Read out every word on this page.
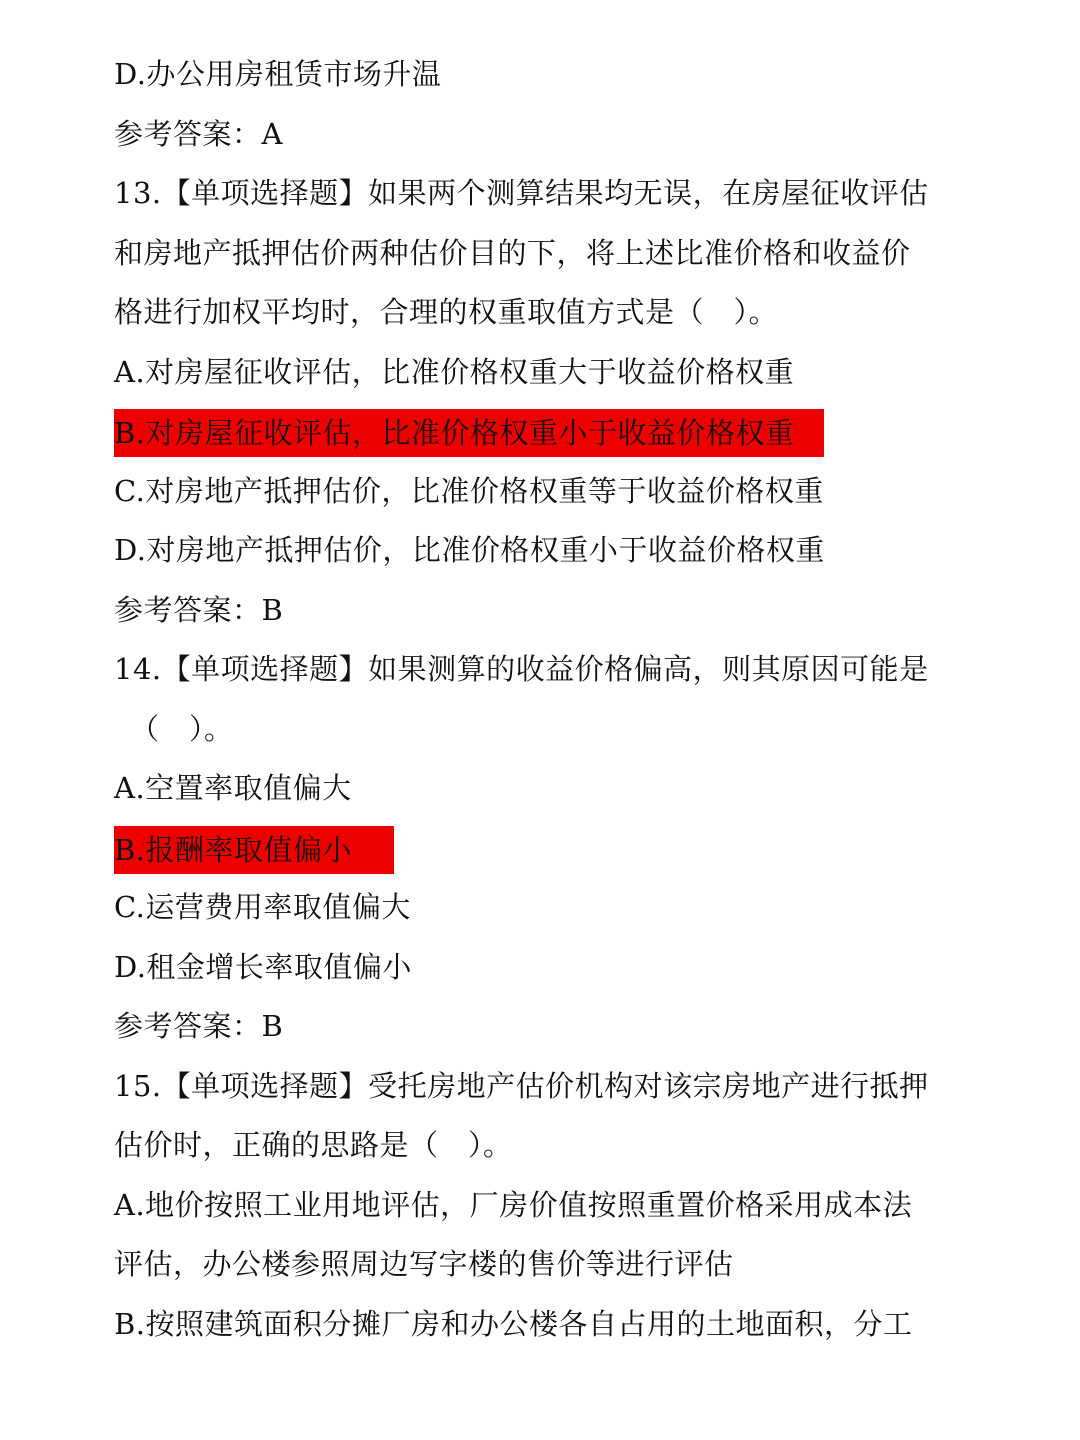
D.办公用房租赁市场升温
参考答案：A
13.【单项选择题】如果两个测算结果均无误，在房屋征收评估
和房地产抵押估价两种估价目的下，将上述比准价格和收益价
格进行加权平均时，合理的权重取值方式是（　）。
A.对房屋征收评估，比准价格权重大于收益价格权重
B.对房屋征收评估，比准价格权重小于收益价格权重
C.对房地产抵押估价，比准价格权重等于收益价格权重
D.对房地产抵押估价，比准价格权重小于收益价格权重
参考答案：B
14.【单项选择题】如果测算的收益价格偏高，则其原因可能是
（　）。
A.空置率取值偏大
B.报酬率取值偏小
C.运营费用率取值偏大
D.租金增长率取值偏小
参考答案：B
15.【单项选择题】受托房地产估价机构对该宗房地产进行抵押
估价时，正确的思路是（　）。
A.地价按照工业用地评估，厂房价值按照重置价格采用成本法
评估，办公楼参照周边写字楼的售价等进行评估
B.按照建筑面积分摊厂房和办公楼各自占用的土地面积，分工
